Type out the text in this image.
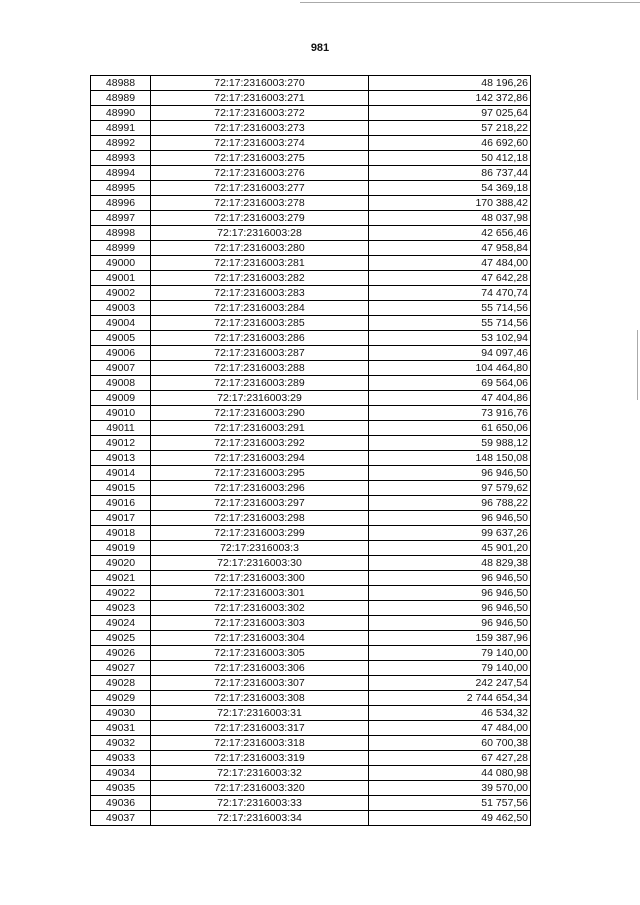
981
48988	72:17:2316003:270	48 196,26
48989	72:17:2316003:271	142 372,86
48990	72:17:2316003:272	97 025,64
48991	72:17:2316003:273	57 218,22
48992	72:17:2316003:274	46 692,60
48993	72:17:2316003:275	50 412,18
48994	72:17:2316003:276	86 737,44
48995	72:17:2316003:277	54 369,18
48996	72:17:2316003:278	170 388,42
48997	72:17:2316003:279	48 037,98
48998	72:17:2316003:28	42 656,46
48999	72:17:2316003:280	47 958,84
49000	72:17:2316003:281	47 484,00
49001	72:17:2316003:282	47 642,28
49002	72:17:2316003:283	74 470,74
49003	72:17:2316003:284	55 714,56
49004	72:17:2316003:285	55 714,56
49005	72:17:2316003:286	53 102,94
49006	72:17:2316003:287	94 097,46
49007	72:17:2316003:288	104 464,80
49008	72:17:2316003:289	69 564,06
49009	72:17:2316003:29	47 404,86
49010	72:17:2316003:290	73 916,76
49011	72:17:2316003:291	61 650,06
49012	72:17:2316003:292	59 988,12
49013	72:17:2316003:294	148 150,08
49014	72:17:2316003:295	96 946,50
49015	72:17:2316003:296	97 579,62
49016	72:17:2316003:297	96 788,22
49017	72:17:2316003:298	96 946,50
49018	72:17:2316003:299	99 637,26
49019	72:17:2316003:3	45 901,20
49020	72:17:2316003:30	48 829,38
49021	72:17:2316003:300	96 946,50
49022	72:17:2316003:301	96 946,50
49023	72:17:2316003:302	96 946,50
49024	72:17:2316003:303	96 946,50
49025	72:17:2316003:304	159 387,96
49026	72:17:2316003:305	79 140,00
49027	72:17:2316003:306	79 140,00
49028	72:17:2316003:307	242 247,54
49029	72:17:2316003:308	2 744 654,34
49030	72:17:2316003:31	46 534,32
49031	72:17:2316003:317	47 484,00
49032	72:17:2316003:318	60 700,38
49033	72:17:2316003:319	67 427,28
49034	72:17:2316003:32	44 080,98
49035	72:17:2316003:320	39 570,00
49036	72:17:2316003:33	51 757,56
49037	72:17:2316003:34	49 462,50
